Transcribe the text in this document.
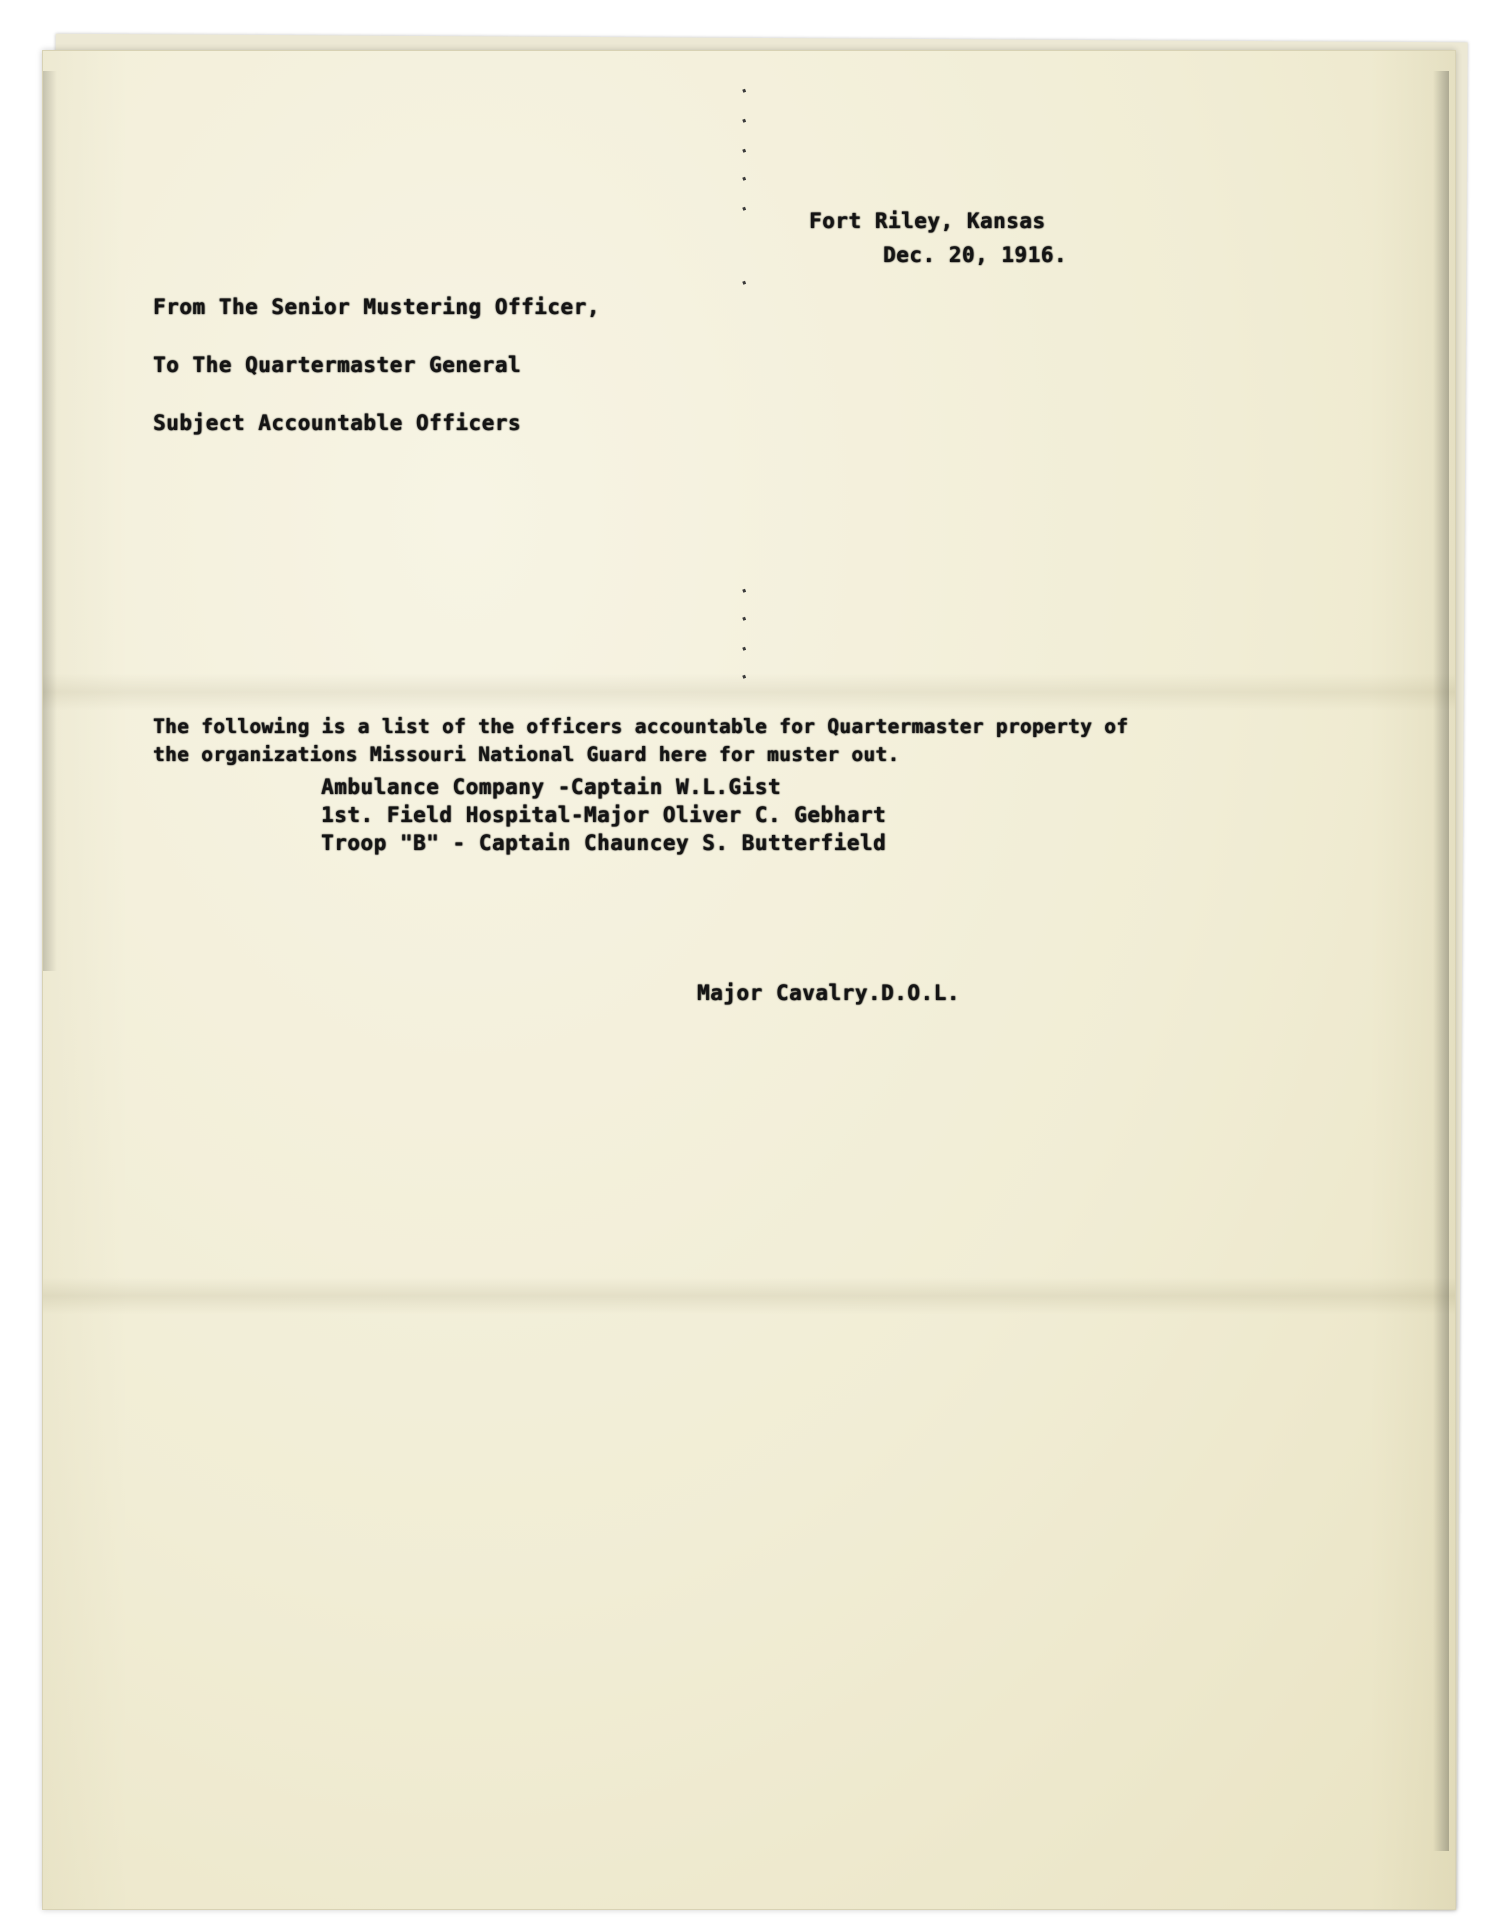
·
·
·
·
·
·
·
·
·
·
Fort Riley, Kansas
Dec. 20, 1916.
From The Senior Mustering Officer,
To The Quartermaster General
Subject Accountable Officers
The following is a list of the officers accountable for Quartermaster property of
the organizations Missouri National Guard here for muster out.
Ambulance Company -Captain W.L.Gist
1st. Field Hospital-Major Oliver C. Gebhart
Troop "B" - Captain Chauncey S. Butterfield
Major Cavalry.D.O.L.
